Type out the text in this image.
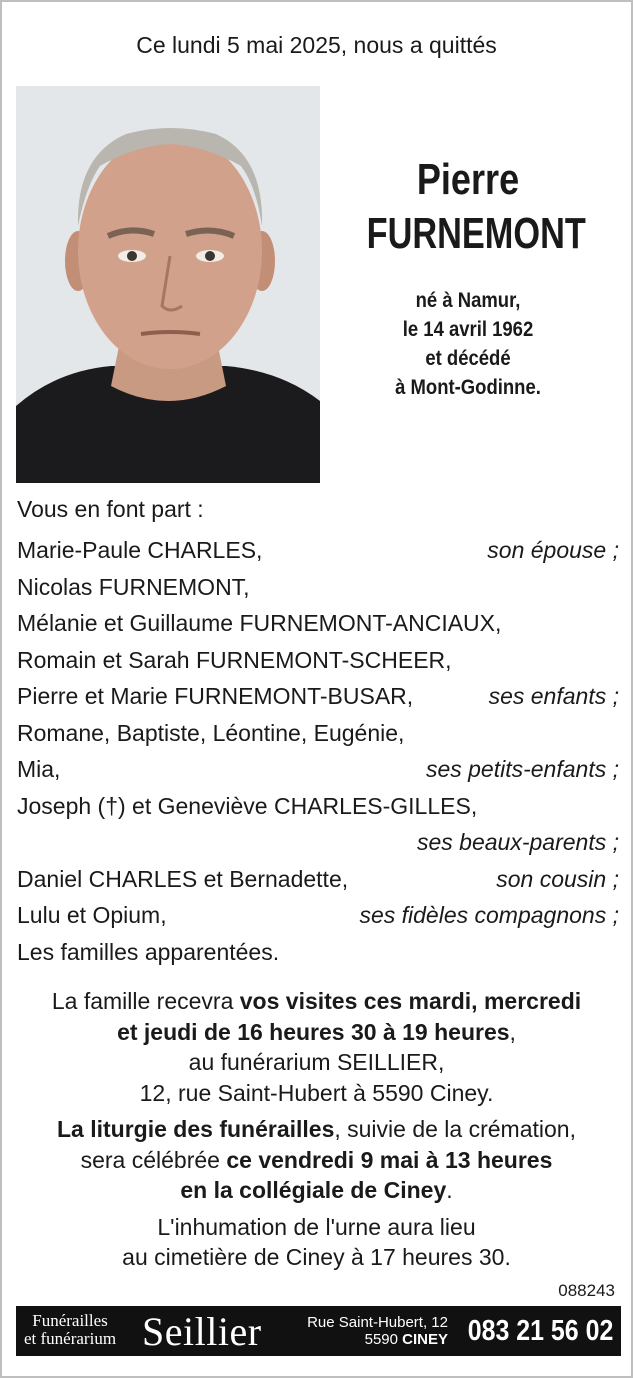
Ce lundi 5 mai 2025, nous a quittés
Pierre
FURNEMONT
né à Namur,
le 14 avril 1962
et décédé
à Mont-Godinne.
Vous en font part :
Marie-Paule CHARLES,	son épouse ;
Nicolas FURNEMONT,
Mélanie et Guillaume FURNEMONT-ANCIAUX,
Romain et Sarah FURNEMONT-SCHEER,
Pierre et Marie FURNEMONT-BUSAR,	ses enfants ;
Romane, Baptiste, Léontine, Eugénie,
Mia,	ses petits-enfants ;
Joseph (†) et Geneviève CHARLES-GILLES,
ses beaux-parents ;
Daniel CHARLES et Bernadette,	son cousin ;
Lulu et Opium,	ses fidèles compagnons ;
Les familles apparentées.

La famille recevra vos visites ces mardi, mercredi
et jeudi de 16 heures 30 à 19 heures,
au funérarium SEILLIER,
12, rue Saint-Hubert à 5590 Ciney.

La liturgie des funérailles, suivie de la crémation,
sera célébrée ce vendredi 9 mai à 13 heures
en la collégiale de Ciney.

L'inhumation de l'urne aura lieu
au cimetière de Ciney à 17 heures 30.

088243
Funérailles
et funérarium Seillier	Rue Saint-Hubert, 12
5590 CINEY 083 21 56 02
